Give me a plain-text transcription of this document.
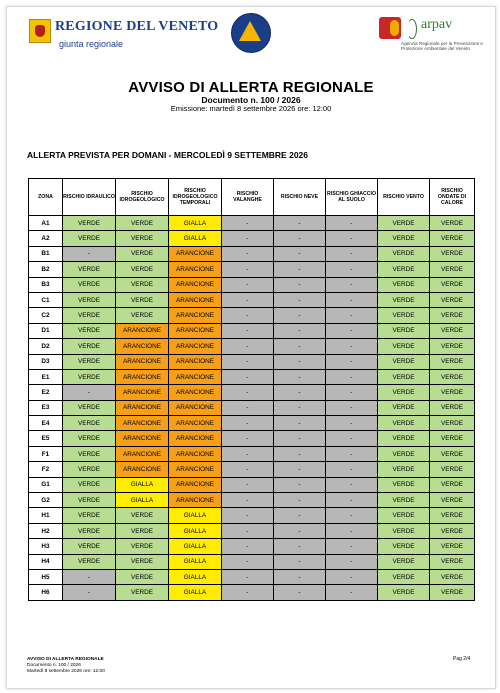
REGIONE DEL VENETO
giunta regionale
arpav
Agenzia Regionale per la Prevenzione e Protezione Ambientale del Veneto
AVVISO DI ALLERTA REGIONALE
Documento n. 100 / 2026
Emissione: martedì 8 settembre 2026 ore: 12:00
ALLERTA PREVISTA PER DOMANI - MERCOLEDÌ 9 SETTEMBRE 2026
ZONA	RISCHIO IDRAULICO	RISCHIO IDROGEOLOGICO	RISCHIO IDROGEOLOGICO TEMPORALI	RISCHIO VALANGHE	RISCHIO NEVE	RISCHIO GHIACCIO AL SUOLO	RISCHIO VENTO	RISCHIO ONDATE DI CALORE
A1	VERDE	VERDE	GIALLA	-	-	-	VERDE	VERDE
A2	VERDE	VERDE	GIALLA	-	-	-	VERDE	VERDE
B1	-	VERDE	ARANCIONE	-	-	-	VERDE	VERDE
B2	VERDE	VERDE	ARANCIONE	-	-	-	VERDE	VERDE
B3	VERDE	VERDE	ARANCIONE	-	-	-	VERDE	VERDE
C1	VERDE	VERDE	ARANCIONE	-	-	-	VERDE	VERDE
C2	VERDE	VERDE	ARANCIONE	-	-	-	VERDE	VERDE
D1	VERDE	ARANCIONE	ARANCIONE	-	-	-	VERDE	VERDE
D2	VERDE	ARANCIONE	ARANCIONE	-	-	-	VERDE	VERDE
D3	VERDE	ARANCIONE	ARANCIONE	-	-	-	VERDE	VERDE
E1	VERDE	ARANCIONE	ARANCIONE	-	-	-	VERDE	VERDE
E2	-	ARANCIONE	ARANCIONE	-	-	-	VERDE	VERDE
E3	VERDE	ARANCIONE	ARANCIONE	-	-	-	VERDE	VERDE
E4	VERDE	ARANCIONE	ARANCIONE	-	-	-	VERDE	VERDE
E5	VERDE	ARANCIONE	ARANCIONE	-	-	-	VERDE	VERDE
F1	VERDE	ARANCIONE	ARANCIONE	-	-	-	VERDE	VERDE
F2	VERDE	ARANCIONE	ARANCIONE	-	-	-	VERDE	VERDE
G1	VERDE	GIALLA	ARANCIONE	-	-	-	VERDE	VERDE
G2	VERDE	GIALLA	ARANCIONE	-	-	-	VERDE	VERDE
H1	VERDE	VERDE	GIALLA	-	-	-	VERDE	VERDE
H2	VERDE	VERDE	GIALLA	-	-	-	VERDE	VERDE
H3	VERDE	VERDE	GIALLA	-	-	-	VERDE	VERDE
H4	VERDE	VERDE	GIALLA	-	-	-	VERDE	VERDE
H5	-	VERDE	GIALLA	-	-	-	VERDE	VERDE
H6	-	VERDE	GIALLA	-	-	-	VERDE	VERDE
AVVISO DI ALLERTA REGIONALE
Documento n. 100 / 2026
Martedì 8 settembre 2026 ore: 12:00
Pag 2/4
